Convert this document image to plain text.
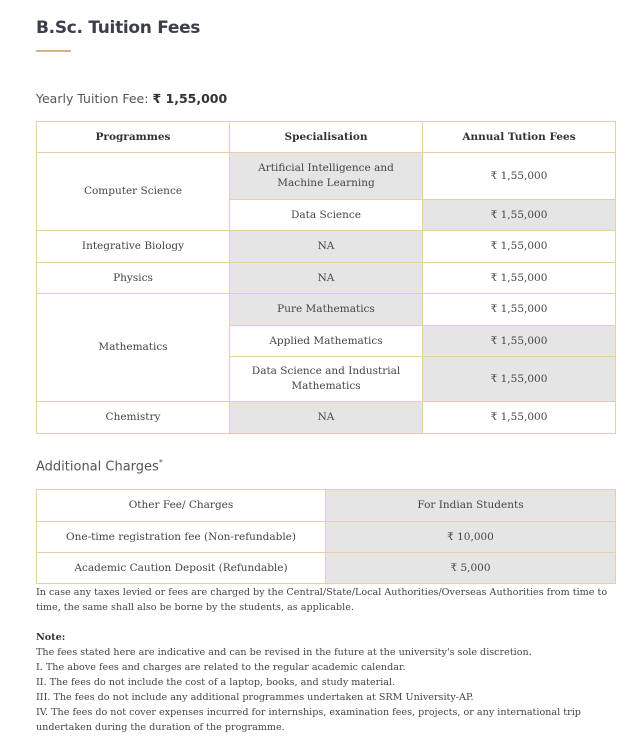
B.Sc. Tuition Fees
Yearly Tuition Fee: ₹ 1,55,000
Programmes	Specialisation	Annual Tution Fees
Computer Science	Artificial Intelligence and Machine Learning	₹ 1,55,000
	Data Science	₹ 1,55,000
Integrative Biology	NA	₹ 1,55,000
Physics	NA	₹ 1,55,000
Mathematics	Pure Mathematics	₹ 1,55,000
	Applied Mathematics	₹ 1,55,000
	Data Science and Industrial Mathematics	₹ 1,55,000
Chemistry	NA	₹ 1,55,000
Additional Charges*
Other Fee/ Charges	For Indian Students
One-time registration fee (Non-refundable)	₹ 10,000
Academic Caution Deposit (Refundable)	₹ 5,000

In case any taxes levied or fees are charged by the Central/State/Local Authorities/Overseas Authorities from time to time, the same shall also be borne by the students, as applicable.

Note:

The fees stated here are indicative and can be revised in the future at the university's sole discretion.

I. The above fees and charges are related to the regular academic calendar.

II. The fees do not include the cost of a laptop, books, and study material.

III. The fees do not include any additional programmes undertaken at SRM University-AP.

IV. The fees do not cover expenses incurred for internships, examination fees, projects, or any international trip undertaken during the duration of the programme.
